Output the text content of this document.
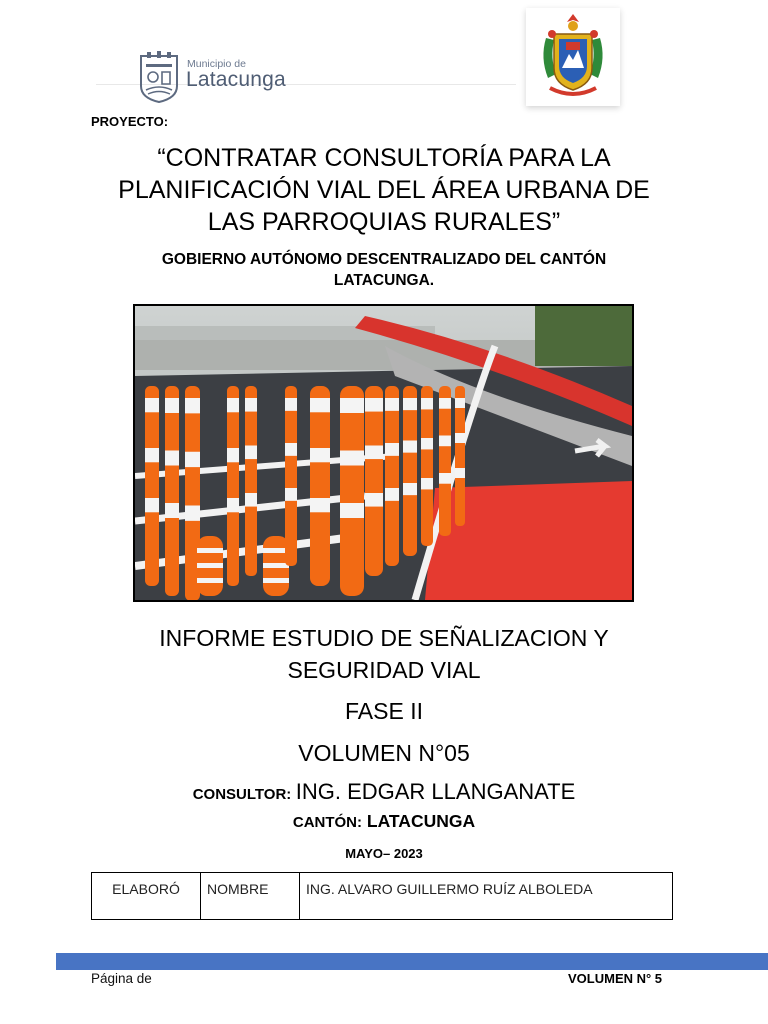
Municipio de
Latacunga
PROYECTO:
“CONTRATAR CONSULTORÍA PARA LA
PLANIFICACIÓN VIAL DEL ÁREA URBANA DE
LAS PARROQUIAS RURALES”
GOBIERNO AUTÓNOMO DESCENTRALIZADO DEL CANTÓN
LATACUNGA.
INFORME ESTUDIO DE SEÑALIZACION Y
SEGURIDAD VIAL
FASE II
VOLUMEN N°05
CONSULTOR: ING. EDGAR LLANGANATE
CANTÓN: LATACUNGA
MAYO– 2023
ELABORÓ	NOMBRE	ING. ALVARO GUILLERMO RUÍZ ALBOLEDA
Página de	VOLUMEN N° 5
